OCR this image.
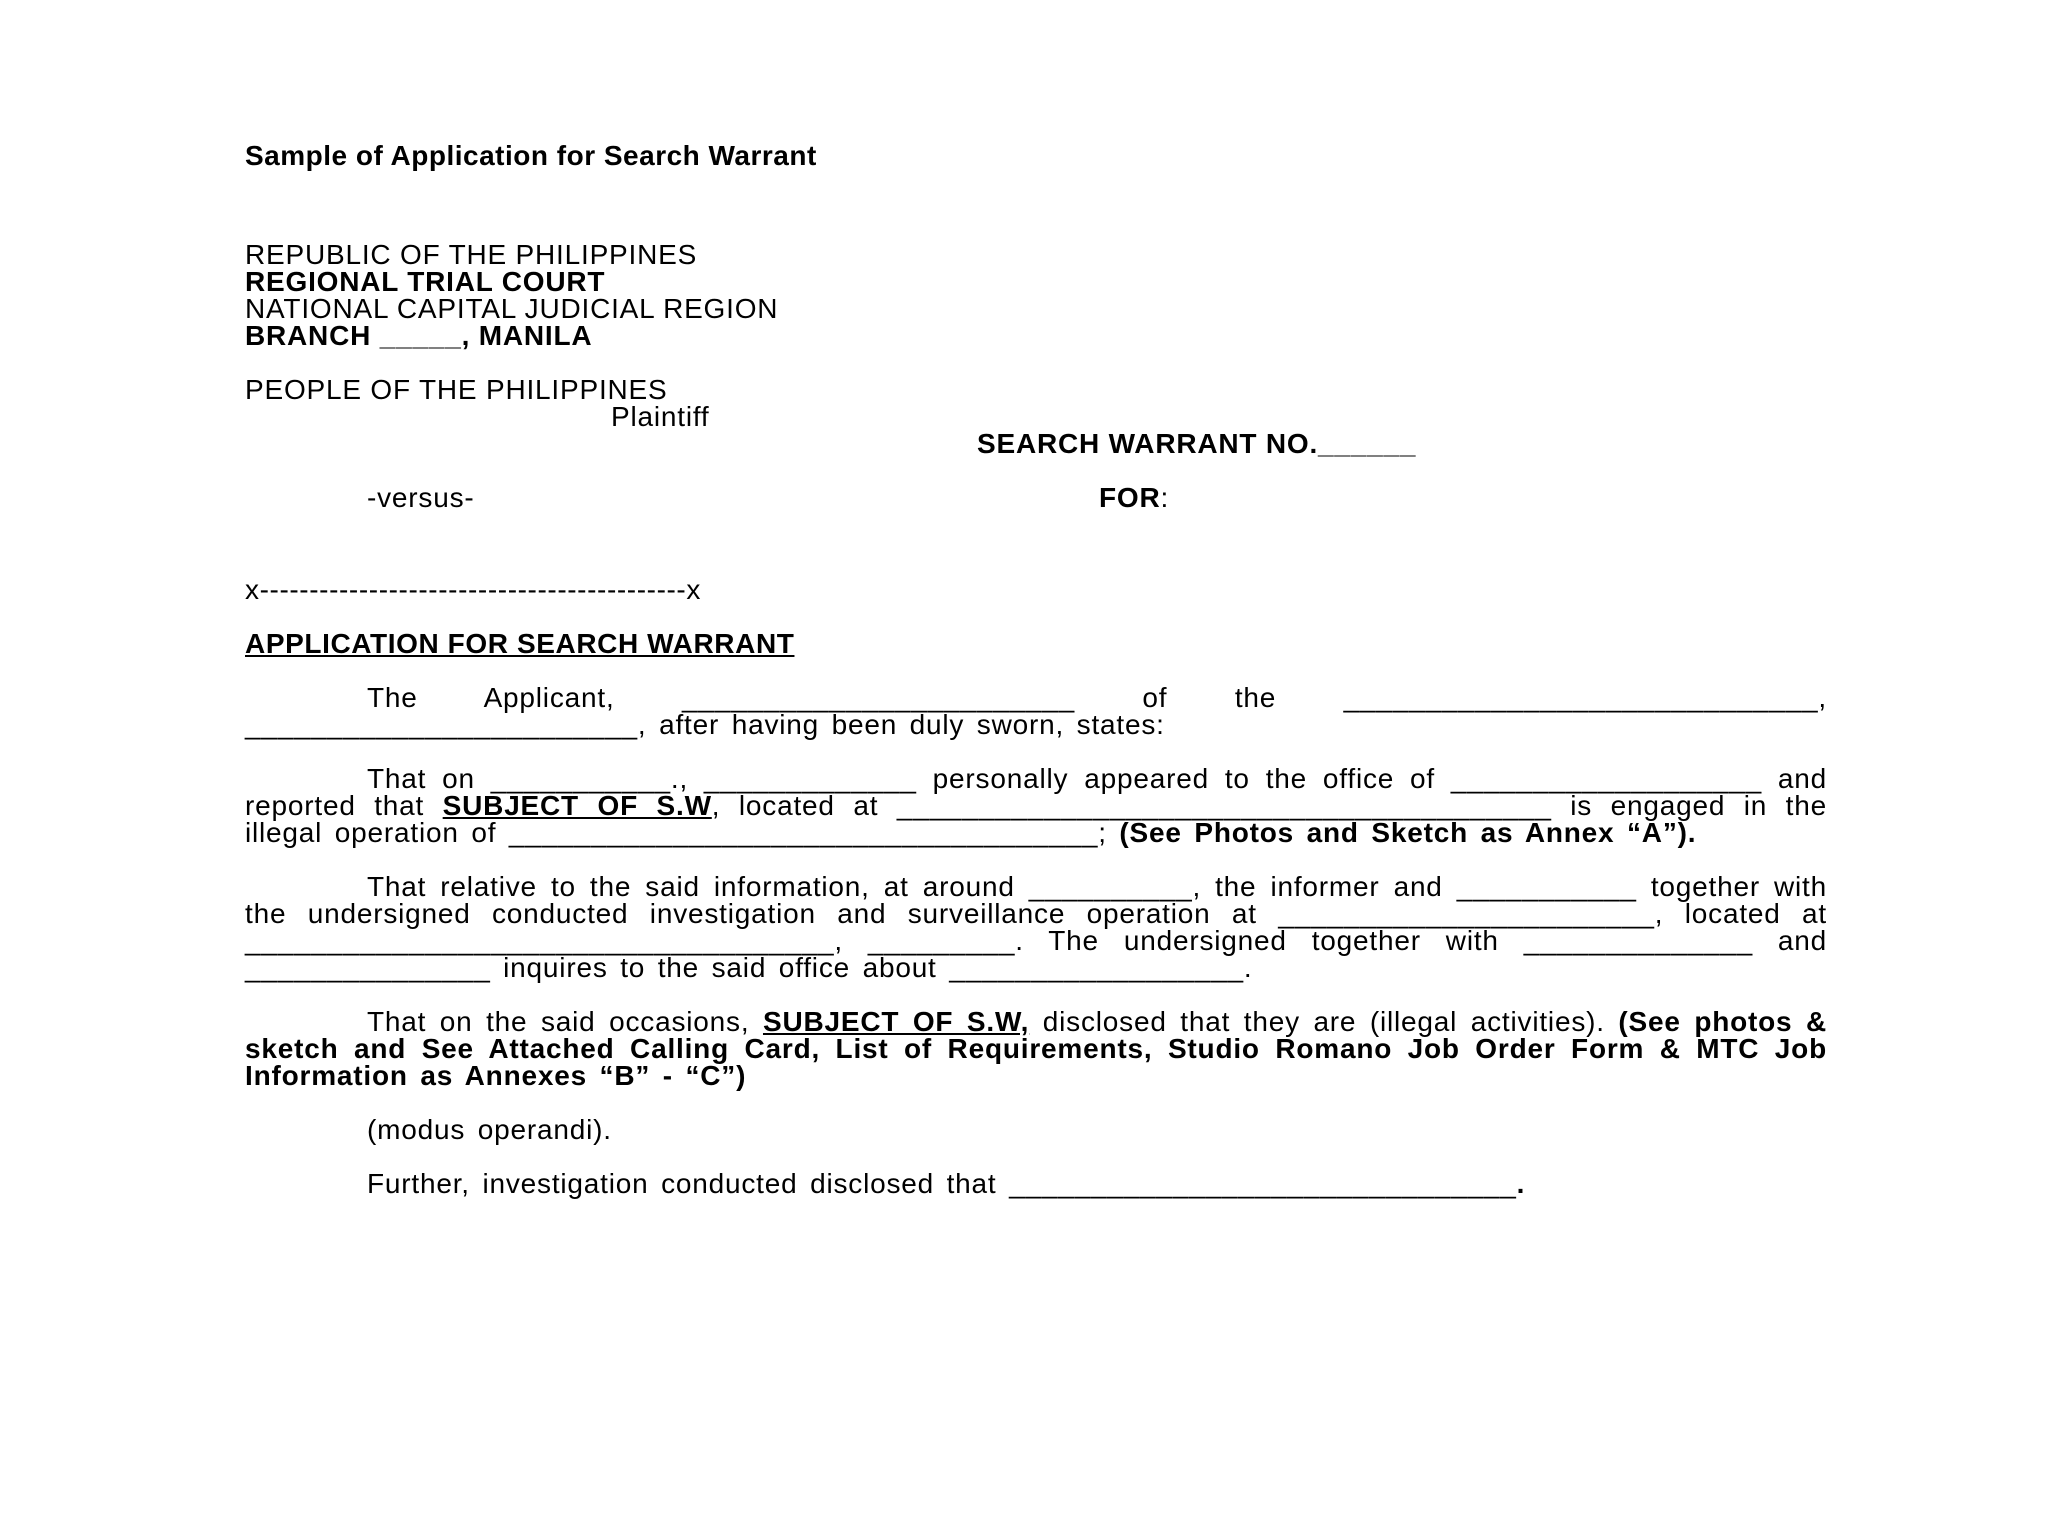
Sample of Application for Search Warrant
REPUBLIC OF THE PHILIPPINES
REGIONAL TRIAL COURT
NATIONAL CAPITAL JUDICIAL REGION
BRANCH _____, MANILA
PEOPLE OF THE PHILIPPINES
Plaintiff
SEARCH WARRANT NO.______
-versus-	FOR:
x-------------------------------------------x
APPLICATION FOR SEARCH WARRANT
The Applicant, ________________________ of the _____________________________,
________________________, after having been duly sworn, states:
That on ___________., _____________ personally appeared to the office of ___________________ and reported that SUBJECT OF S.W, located at ________________________________________ is engaged in the illegal operation of ____________________________________; (See Photos and Sketch as Annex “A”).
That relative to the said information, at around __________, the informer and ___________ together with the undersigned conducted investigation and surveillance operation at _______________________, located at ____________________________________, _________. The undersigned together with ______________ and _______________ inquires to the said office about __________________.
That on the said occasions, SUBJECT OF S.W, disclosed that they are (illegal activities). (See photos & sketch and See Attached Calling Card, List of Requirements, Studio Romano Job Order Form & MTC Job Information as Annexes “B” - “C”)
(modus operandi).
Further, investigation conducted disclosed that _______________________________.
